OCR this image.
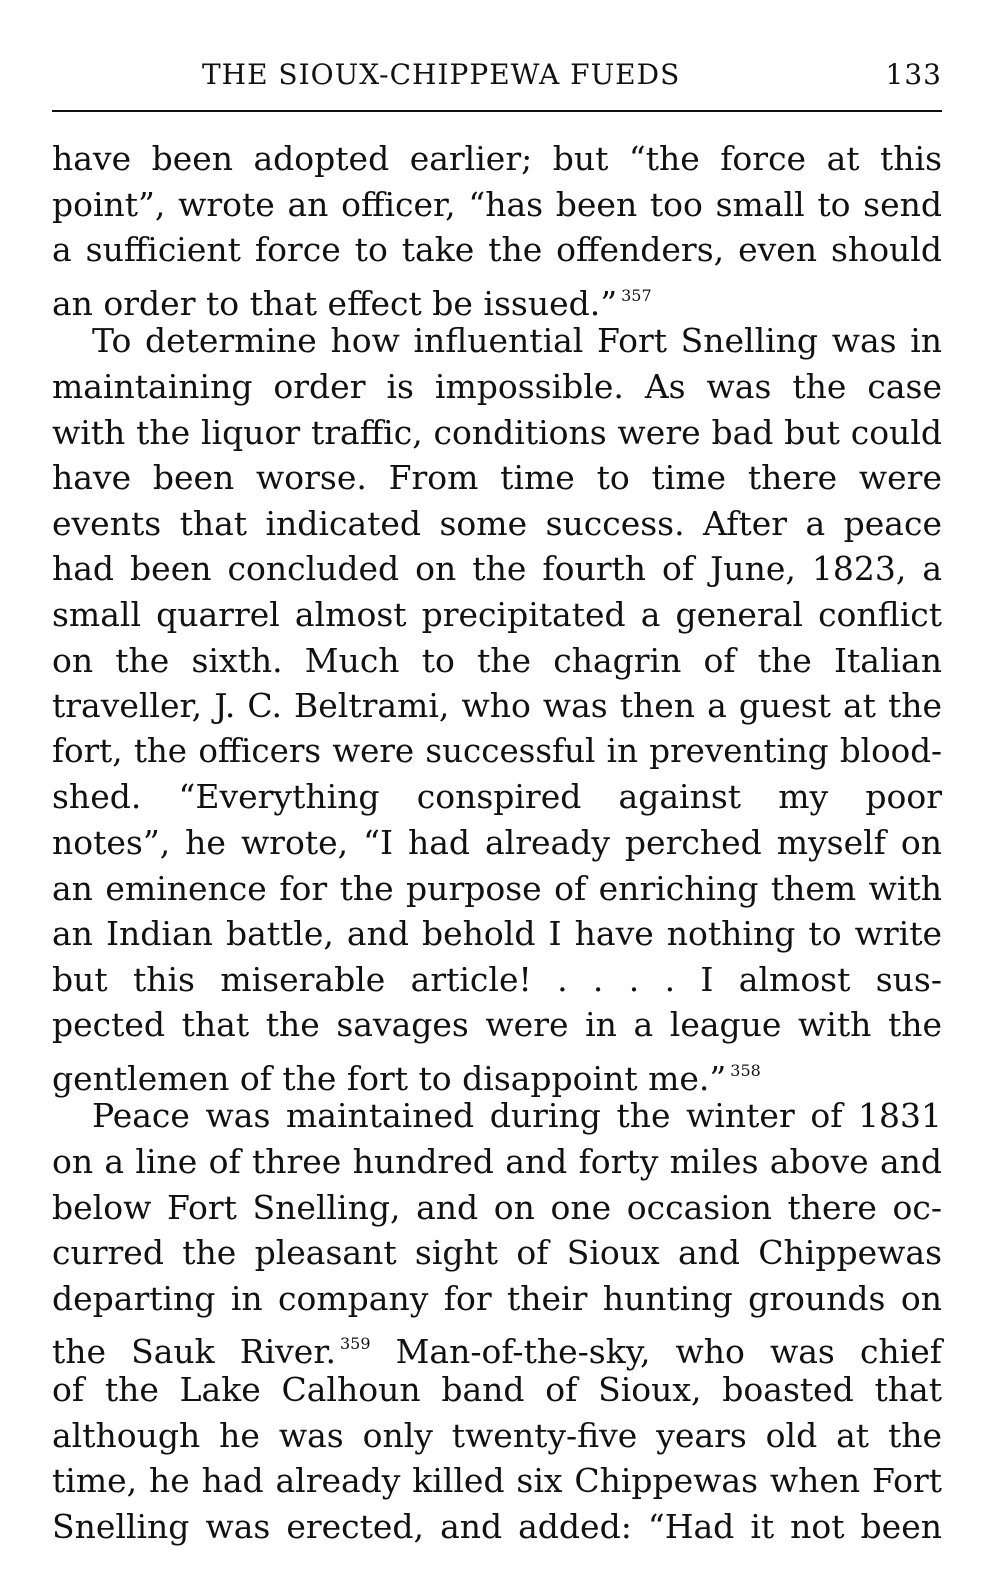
THE SIOUX-CHIPPEWA FUEDS	133
have been adopted earlier; but “the force at this
point”, wrote an officer, “has been too small to send
a sufficient force to take the offenders, even should
an order to that effect be issued.” $^{357}$
To determine how influential Fort Snelling was in
maintaining order is impossible. As was the case
with the liquor traffic, conditions were bad but could
have been worse. From time to time there were
events that indicated some success. After a peace
had been concluded on the fourth of June, 1823, a
small quarrel almost precipitated a general conflict
on the sixth. Much to the chagrin of the Italian
traveller, J. C. Beltrami, who was then a guest at the
fort, the officers were successful in preventing blood-
shed. “Everything conspired against my poor
notes”, he wrote, “I had already perched myself on
an eminence for the purpose of enriching them with
an Indian battle, and behold I have nothing to write
but this miserable article! . . . . I almost sus-
pected that the savages were in a league with the
gentlemen of the fort to disappoint me.” $^{358}$
Peace was maintained during the winter of 1831
on a line of three hundred and forty miles above and
below Fort Snelling, and on one occasion there oc-
curred the pleasant sight of Sioux and Chippewas
departing in company for their hunting grounds on
the Sauk River. $^{359}$ Man-of-the-sky, who was chief
of the Lake Calhoun band of Sioux, boasted that
although he was only twenty-five years old at the
time, he had already killed six Chippewas when Fort
Snelling was erected, and added: “Had it not been
